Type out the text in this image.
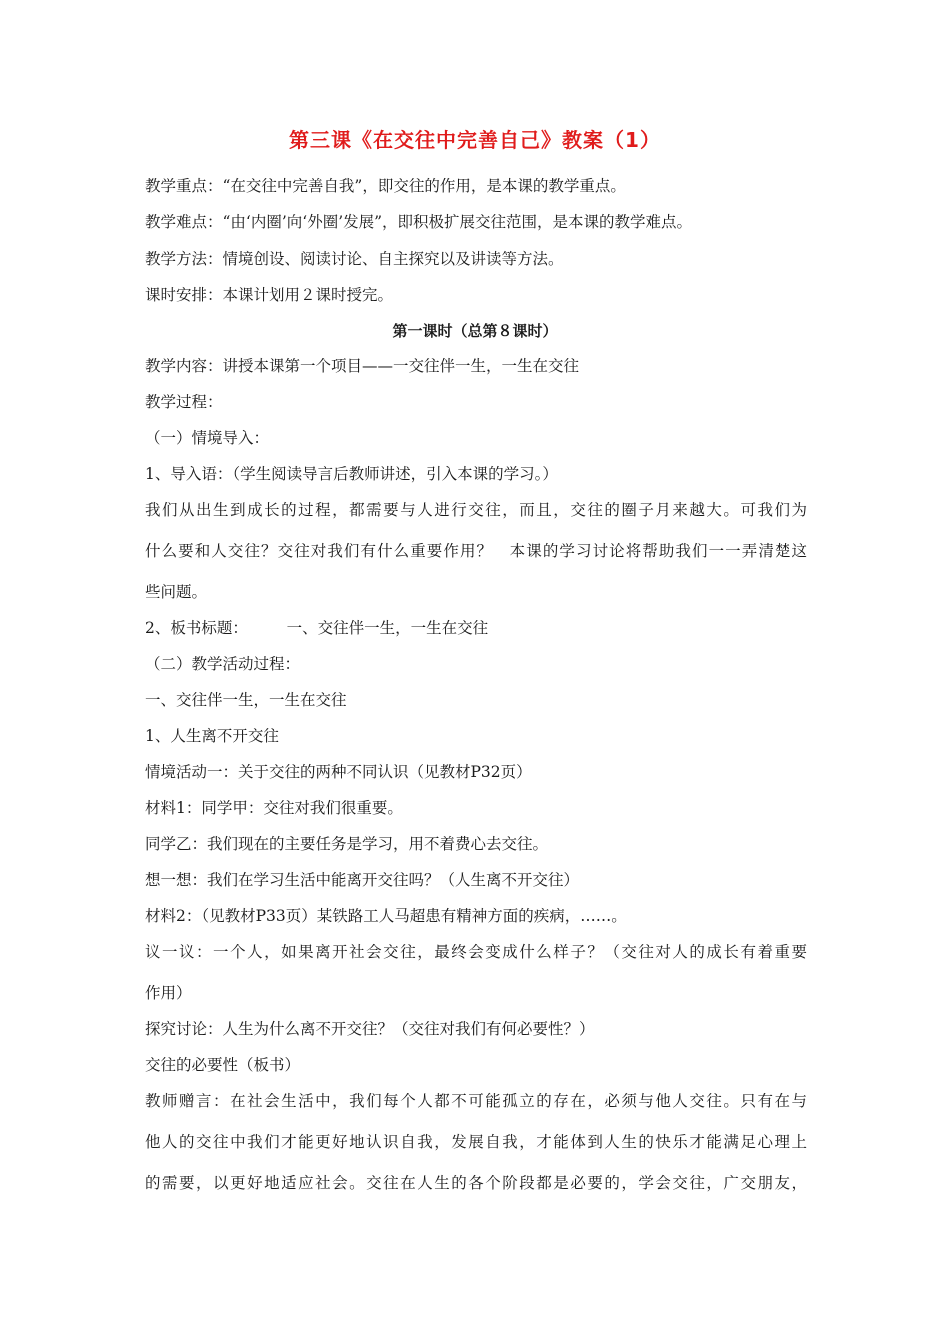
第三课《在交往中完善自己》教案（1）

教学重点：“在交往中完善自我”，即交往的作用，是本课的教学重点。

教学难点：“由‘内圈’向‘外圈’发展”，即积极扩展交往范围，是本课的教学难点。

教学方法：情境创设、阅读讨论、自主探究以及讲读等方法。

课时安排：本课计划用２课时授完。

第一课时（总第８课时）

教学内容：讲授本课第一个项目——一交往伴一生，一生在交往

教学过程：

（一）情境导入：

1、导入语：（学生阅读导言后教师讲述，引入本课的学习。）

我们从出生到成长的过程，都需要与人进行交往，而且，交往的圈子月来越大。可我们为

什么要和人交往？交往对我们有什么重要作用？　本课的学习讨论将帮助我们一一弄清楚这

些问题。

2、板书标题：　　　一、交往伴一生，一生在交往

（二）教学活动过程：

一、交往伴一生，一生在交往

1、人生离不开交往

情境活动一：关于交往的两种不同认识（见教材P32页）

材料1：同学甲：交往对我们很重要。

同学乙：我们现在的主要任务是学习，用不着费心去交往。

想一想：我们在学习生活中能离开交往吗？（人生离不开交往）

材料2：（见教材P33页）某铁路工人马超患有精神方面的疾病，……。

议一议：一个人，如果离开社会交往，最终会变成什么样子？（交往对人的成长有着重要

作用）

探究讨论：人生为什么离不开交往？（交往对我们有何必要性？）

交往的必要性（板书）

教师赠言：在社会生活中，我们每个人都不可能孤立的存在，必须与他人交往。只有在与

他人的交往中我们才能更好地认识自我，发展自我，才能体到人生的快乐才能满足心理上

的需要，以更好地适应社会。交往在人生的各个阶段都是必要的，学会交往，广交朋友，
